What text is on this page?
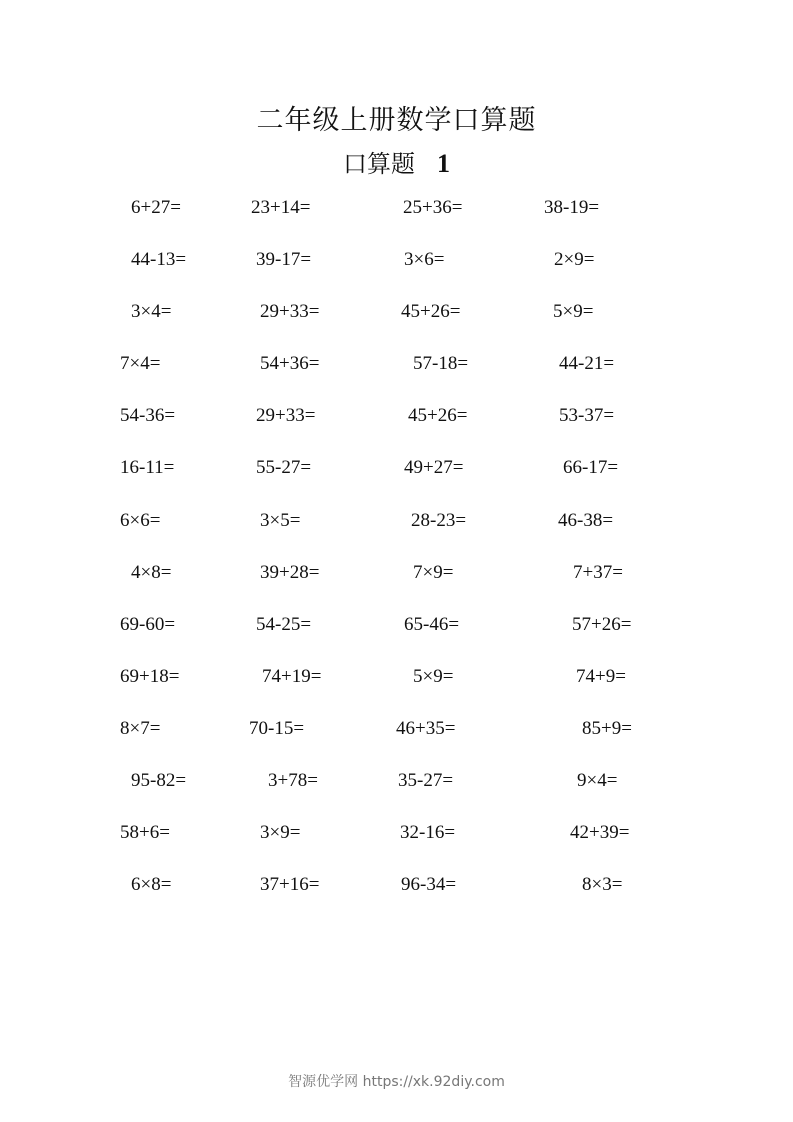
二年级上册数学口算题
口算题 1
6+27=	23+14=	25+36=	38-19=
44-13=	39-17=	3×6=	2×9=
3×4=	29+33=	45+26=	5×9=
7×4=	54+36=	57-18=	44-21=
54-36=	29+33=	45+26=	53-37=
16-11=	55-27=	49+27=	66-17=
6×6=	3×5=	28-23=	46-38=
4×8=	39+28=	7×9=	7+37=
69-60=	54-25=	65-46=	57+26=
69+18=	74+19=	5×9=	74+9=
8×7=	70-15=	46+35=	85+9=
95-82=	3+78=	35-27=	9×4=
58+6=	3×9=	32-16=	42+39=
6×8=	37+16=	96-34=	8×3=
智源优学网 https://xk.92diy.com
